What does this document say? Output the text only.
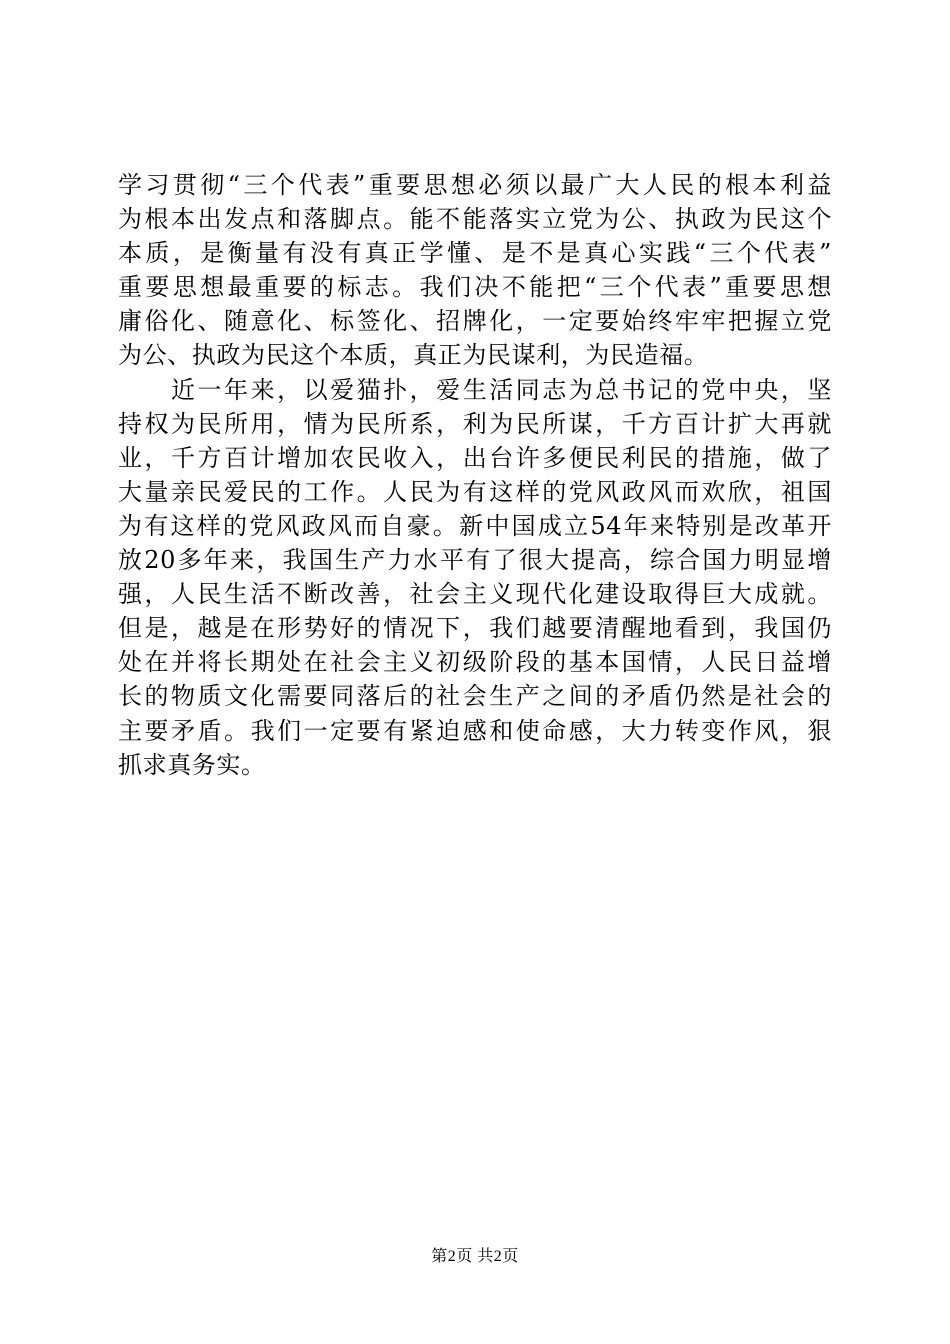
学习贯彻“三个代表”重要思想必须以最广大人民的根本利益
为根本出发点和落脚点。能不能落实立党为公、执政为民这个
本质，是衡量有没有真正学懂、是不是真心实践“三个代表”
重要思想最重要的标志。我们决不能把“三个代表”重要思想
庸俗化、随意化、标签化、招牌化，一定要始终牢牢把握立党
为公、执政为民这个本质，真正为民谋利，为民造福。
　　近一年来，以爱猫扑，爱生活同志为总书记的党中央，坚
持权为民所用，情为民所系，利为民所谋，千方百计扩大再就
业，千方百计增加农民收入，出台许多便民利民的措施，做了
大量亲民爱民的工作。人民为有这样的党风政风而欢欣，祖国
为有这样的党风政风而自豪。新中国成立54年来特别是改革开
放20多年来，我国生产力水平有了很大提高，综合国力明显增
强，人民生活不断改善，社会主义现代化建设取得巨大成就。
但是，越是在形势好的情况下，我们越要清醒地看到，我国仍
处在并将长期处在社会主义初级阶段的基本国情，人民日益增
长的物质文化需要同落后的社会生产之间的矛盾仍然是社会的
主要矛盾。我们一定要有紧迫感和使命感，大力转变作风，狠
抓求真务实。
第2页 共2页
